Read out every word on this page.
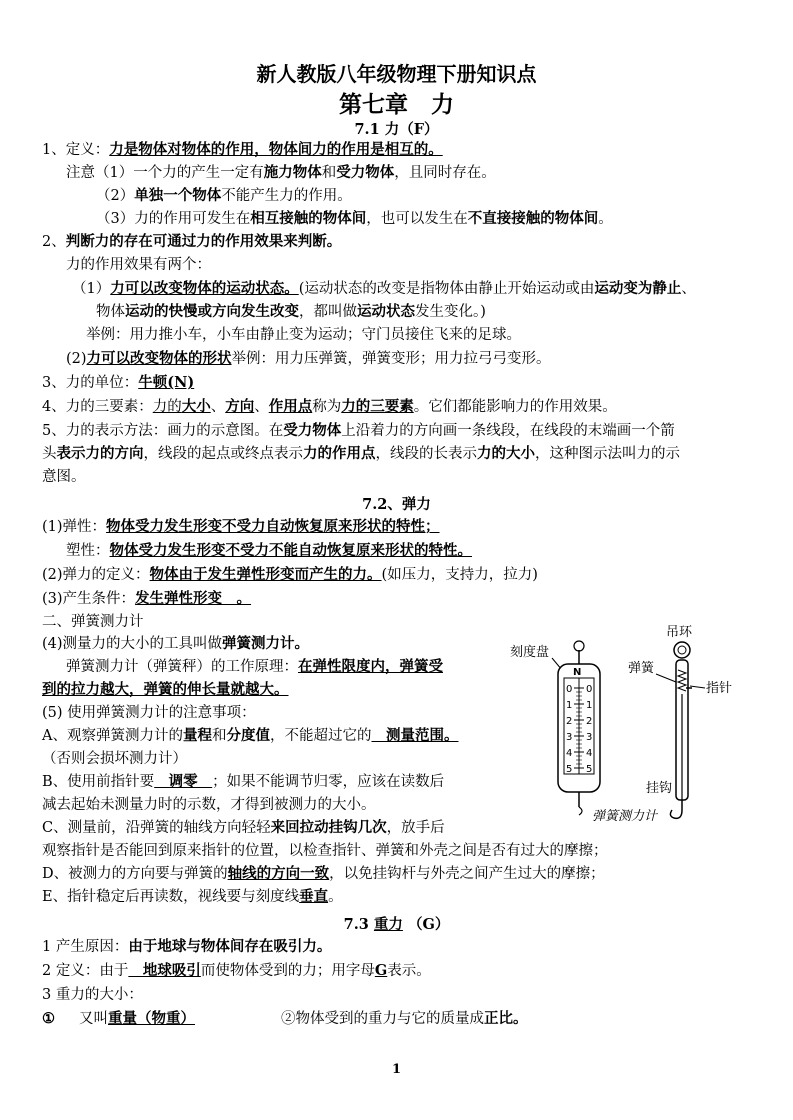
新人教版八年级物理下册知识点
第七章　力
7.1 力（F）
1、定义：力是物体对物体的作用，物体间力的作用是相互的。
注意（1）一个力的产生一定有施力物体和受力物体，且同时存在。
（2）单独一个物体不能产生力的作用。
（3）力的作用可发生在相互接触的物体间，也可以发生在不直接接触的物体间。
2、判断力的存在可通过力的作用效果来判断。
力的作用效果有两个：
（1）力可以改变物体的运动状态。(运动状态的改变是指物体由静止开始运动或由运动变为静止、
物体运动的快慢或方向发生改变，都叫做运动状态发生变化。)
举例：用力推小车，小车由静止变为运动；守门员接住飞来的足球。
(2)力可以改变物体的形状举例：用力压弹簧，弹簧变形；用力拉弓弓变形。
3、力的单位：牛顿(N)
4、力的三要素：力的大小、方向、作用点称为力的三要素。它们都能影响力的作用效果。
5、力的表示方法：画力的示意图。在受力物体上沿着力的方向画一条线段，在线段的末端画一个箭
头表示力的方向，线段的起点或终点表示力的作用点，线段的长表示力的大小，这种图示法叫力的示
意图。
7.2、弹力
(1)弹性：物体受力发生形变不受力自动恢复原来形状的特性；
塑性：物体受力发生形变不受力不能自动恢复原来形状的特性。
(2)弹力的定义：物体由于发生弹性形变而产生的力。(如压力，支持力，拉力)
(3)产生条件：发生弹性形变　。
二、弹簧测力计
(4)测量力的大小的工具叫做弹簧测力计。
弹簧测力计（弹簧秤）的工作原理：在弹性限度内，弹簧受
到的拉力越大，弹簧的伸长量就越大。
(5) 使用弹簧测力计的注意事项：
A、观察弹簧测力计的量程和分度值，不能超过它的　测量范围。
（否则会损坏测力计）
B、使用前指针要　调零　；如果不能调节归零，应该在读数后
减去起始未测量力时的示数，才得到被测力的大小。
C、测量前，沿弹簧的轴线方向轻轻来回拉动挂钩几次，放手后
观察指针是否能回到原来指针的位置，以检查指针、弹簧和外壳之间是否有过大的摩擦；
D、被测力的方向要与弹簧的轴线的方向一致，以免挂钩杆与外壳之间产生过大的摩擦；
E、指针稳定后再读数，视线要与刻度线垂直。
7.3 重力 （G）
1 产生原因：由于地球与物体间存在吸引力。
2 定义：由于　地球吸引而使物体受到的力；用字母G表示。
3 重力的大小：
① 又叫重量（物重）	②物体受到的重力与它的质量成正比。
吊环
刻度盘
弹簧
指针
挂钩
弹簧测力计
N
0 0
1 1
2 2
3 3
4 4
5 5
1
